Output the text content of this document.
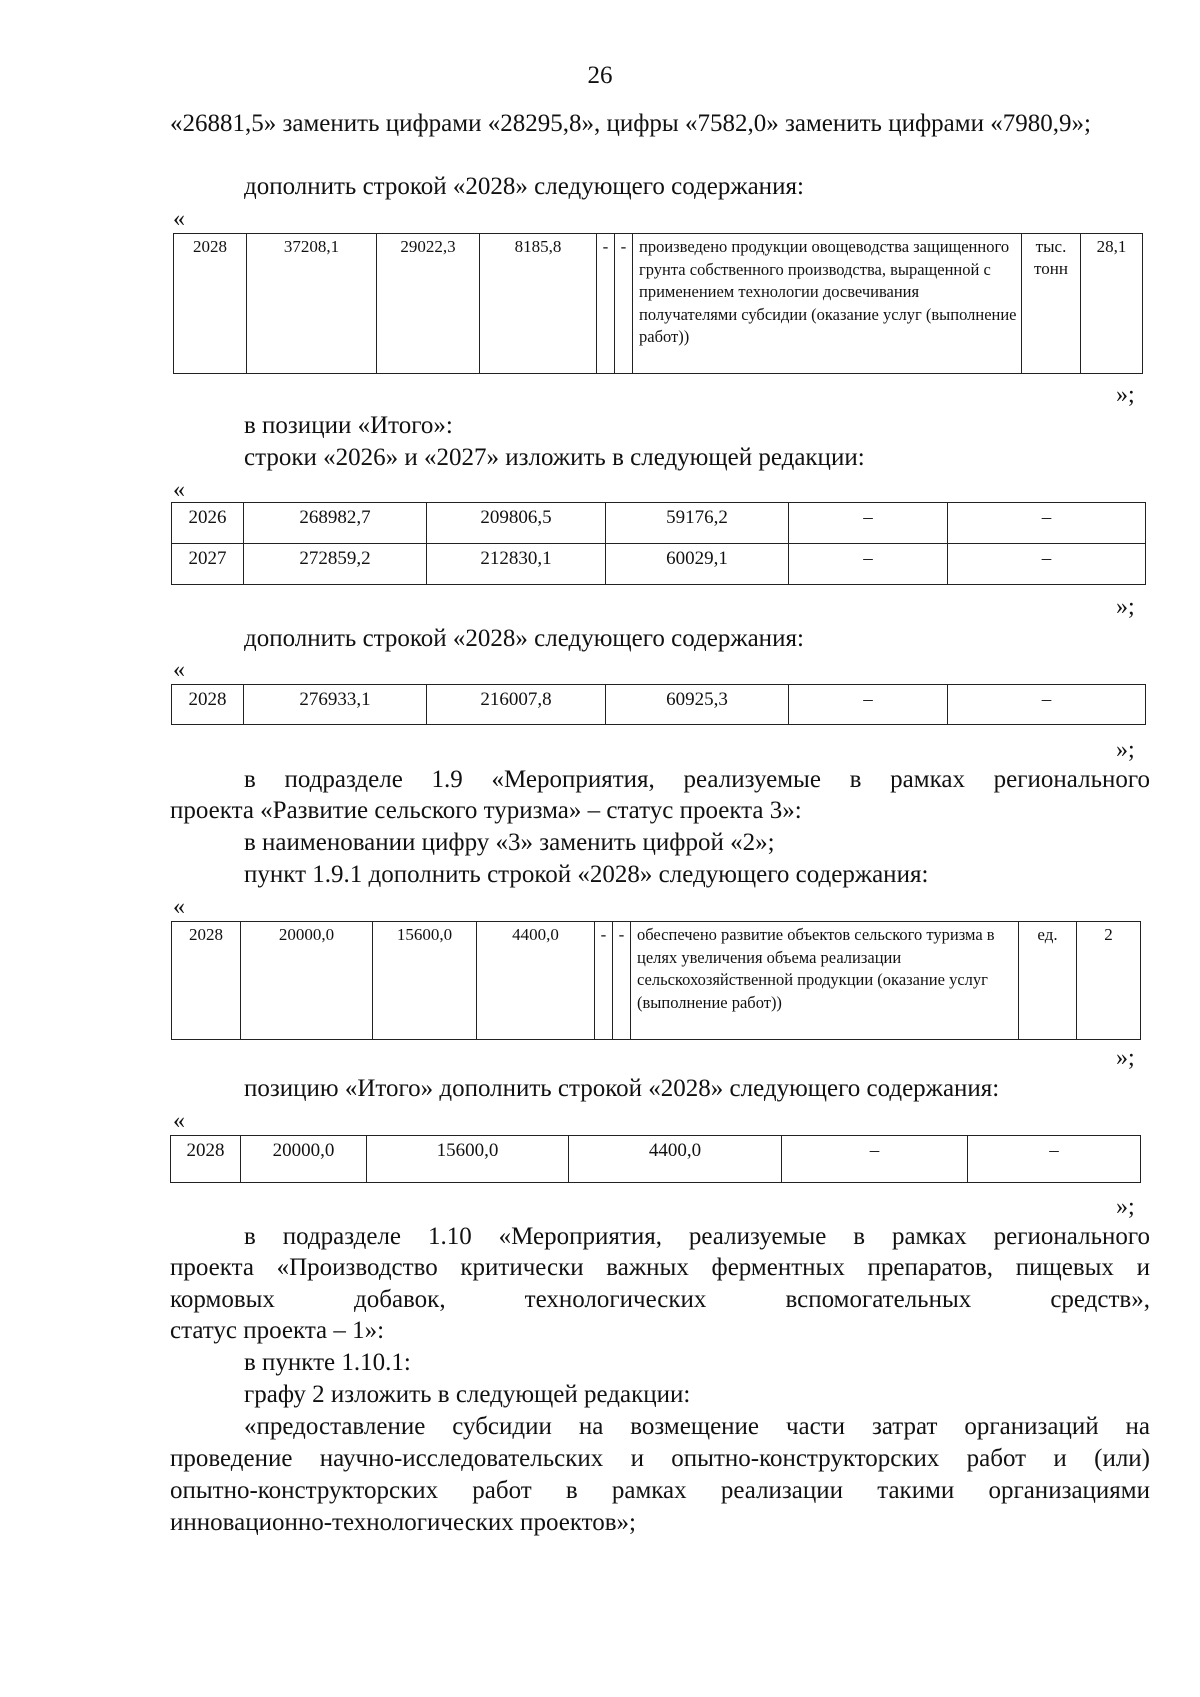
26

«26881,5» заменить цифрами «28295,8», цифры «7582,0» заменить цифрами «7980,9»;

дополнить строкой «2028» следующего содержания:

«
2028	37208,1	29022,3	8185,8	-	-	произведено продукции овощеводства защищенного грунта собственного производства, выращенной с применением технологии досвечивания получателями субсидии (оказание услуг (выполнение работ))	тыс. тонн	28,1
»;

в позиции «Итого»:

строки «2026» и «2027» изложить в следующей редакции:

«
2026	268982,7	209806,5	59176,2	–	–
2027	272859,2	212830,1	60029,1	–	–
»;

дополнить строкой «2028» следующего содержания:

«
2028	276933,1	216007,8	60925,3	–	–
»;

в подразделе 1.9 «Мероприятия, реализуемые в рамках регионального

проекта «Развитие сельского туризма» – статус проекта 3»:

в наименовании цифру «3» заменить цифрой «2»;

пункт 1.9.1 дополнить строкой «2028» следующего содержания:

«
2028	20000,0	15600,0	4400,0	-	-	обеспечено развитие объектов сельского туризма в целях увеличения объема реализации сельскохозяйственной продукции (оказание услуг (выполнение работ))	ед.	2
»;

позицию «Итого» дополнить строкой «2028» следующего содержания:

«
2028	20000,0	15600,0	4400,0	–	–
»;

в подразделе 1.10 «Мероприятия, реализуемые в рамках регионального

проекта «Производство критически важных ферментных препаратов, пищевых и

кормовых добавок, технологических вспомогательных средств»,

статус проекта – 1»:

в пункте 1.10.1:

графу 2 изложить в следующей редакции:

«предоставление субсидии на возмещение части затрат организаций на

проведение научно-исследовательских и опытно-конструкторских работ и (или)

опытно-конструкторских работ в рамках реализации такими организациями

инновационно-технологических проектов»;
